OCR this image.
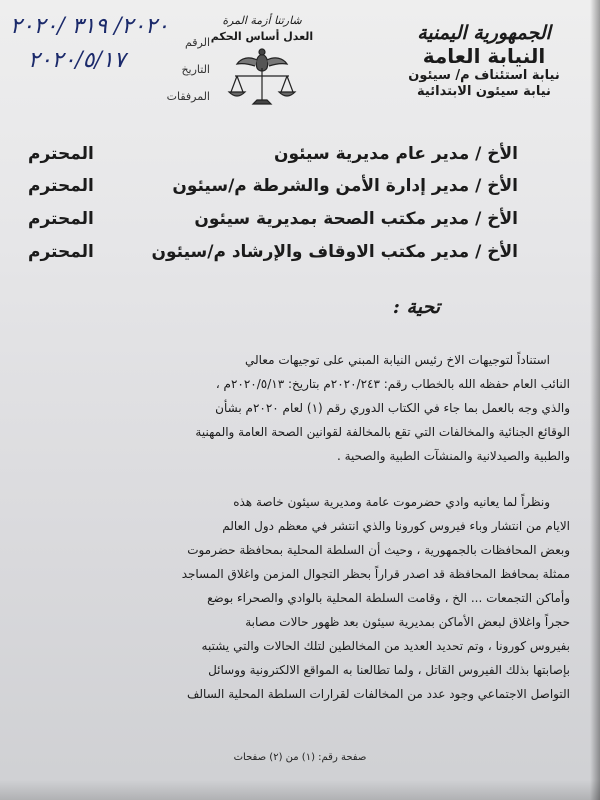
الجمهورية اليمنية
النيابة العامة
نيابة استئناف م/ سيئون
نيابة سيئون الابتدائية
شارتنا أزمة المرة
العدل أساس الحكم
الرقم
٢٠٢٠/ ٣١٩ /٢٠٢٠
التاريخ
٢٠٢٠/٥/١٧
المرفقات
الأخ / مدير عام مديرية سيئون
المحترم
الأخ / مدير إدارة الأمن والشرطة م/سيئون
المحترم
الأخ / مدير مكتب الصحة بمديرية سيئون
المحترم
الأخ / مدير مكتب الاوقاف والإرشاد م/سيئون
المحترم
تحية :
استناداً لتوجيهات الاخ رئيس النيابة المبني على توجيهات معالي
النائب العام حفظه الله بالخطاب رقم: ٢٠٢٠/٢٤٣م بتاريخ: ٢٠٢٠/٥/١٣م ،
والذي وجه بالعمل بما جاء في الكتاب الدوري رقم (١) لعام ٢٠٢٠م بشأن
الوقائع الجنائية والمخالفات التي تقع بالمخالفة لقوانين الصحة العامة والمهنية
والطبية والصيدلانية والمنشآت الطبية والصحية .
ونظراً لما يعانيه وادي حضرموت عامة ومديرية سيئون خاصة هذه
الايام من انتشار وباء فيروس كورونا والذي انتشر في معظم دول العالم
وبعض المحافظات بالجمهورية ، وحيث أن السلطة المحلية بمحافظة حضرموت
ممثلة بمحافظ المحافظة قد اصدر قراراً بحظر التجوال المزمن واغلاق المساجد
وأماكن التجمعات ... الخ ، وقامت السلطة المحلية بالوادي والصحراء بوضع
حجراً واغلاق لبعض الأماكن بمديرية سيئون بعد ظهور حالات مصابة
بفيروس كورونا ، وتم تحديد العديد من المخالطين لتلك الحالات والتي يشتبه
بإصابتها بذلك الفيروس القاتل ، ولما تطالعنا به المواقع الالكترونية ووسائل
التواصل الاجتماعي وجود عدد من المخالفات لقرارات السلطة المحلية السالف
صفحة رقم: (١) من (٢) صفحات
